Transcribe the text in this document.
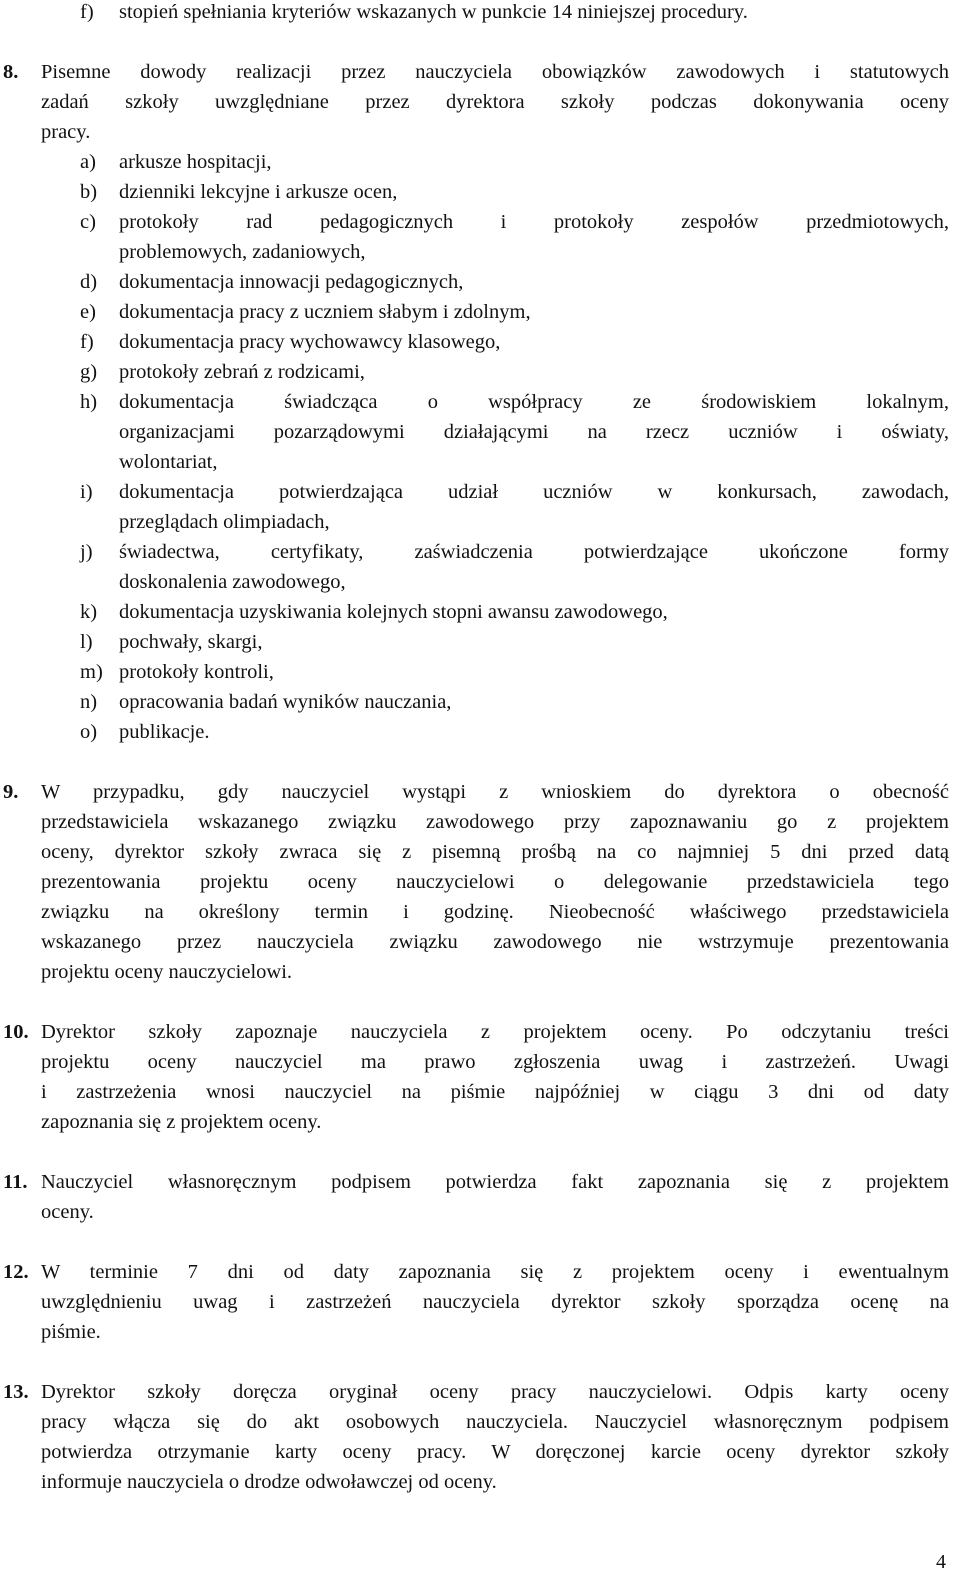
f) stopień spełniania kryteriów wskazanych w punkcie 14 niniejszej procedury.
8. Pisemne dowody realizacji przez nauczyciela obowiązków zawodowych i statutowych
zadań szkoły uwzględniane przez dyrektora szkoły podczas dokonywania oceny
pracy.
a) arkusze hospitacji,
b) dzienniki lekcyjne i arkusze ocen,
c) protokoły rad pedagogicznych i protokoły zespołów przedmiotowych,
problemowych, zadaniowych,
d) dokumentacja innowacji pedagogicznych,
e) dokumentacja pracy z uczniem słabym i zdolnym,
f) dokumentacja pracy wychowawcy klasowego,
g) protokoły zebrań z rodzicami,
h) dokumentacja świadcząca o współpracy ze środowiskiem lokalnym,
organizacjami pozarządowymi działającymi na rzecz uczniów i oświaty,
wolontariat,
i) dokumentacja potwierdzająca udział uczniów w konkursach, zawodach,
przeglądach olimpiadach,
j) świadectwa, certyfikaty, zaświadczenia potwierdzające ukończone formy
doskonalenia zawodowego,
k) dokumentacja uzyskiwania kolejnych stopni awansu zawodowego,
l) pochwały, skargi,
m) protokoły kontroli,
n) opracowania badań wyników nauczania,
o) publikacje.
9. W przypadku, gdy nauczyciel wystąpi z wnioskiem do dyrektora o obecność
przedstawiciela wskazanego związku zawodowego przy zapoznawaniu go z projektem
oceny, dyrektor szkoły zwraca się z pisemną prośbą na co najmniej 5 dni przed datą
prezentowania projektu oceny nauczycielowi o delegowanie przedstawiciela tego
związku na określony termin i godzinę. Nieobecność właściwego przedstawiciela
wskazanego przez nauczyciela związku zawodowego nie wstrzymuje prezentowania
projektu oceny nauczycielowi.
10. Dyrektor szkoły zapoznaje nauczyciela z projektem oceny. Po odczytaniu treści
projektu oceny nauczyciel ma prawo zgłoszenia uwag i zastrzeżeń. Uwagi
i zastrzeżenia wnosi nauczyciel na piśmie najpóźniej w ciągu 3 dni od daty
zapoznania się z projektem oceny.
11. Nauczyciel własnoręcznym podpisem potwierdza fakt zapoznania się z projektem
oceny.
12. W terminie 7 dni od daty zapoznania się z projektem oceny i ewentualnym
uwzględnieniu uwag i zastrzeżeń nauczyciela dyrektor szkoły sporządza ocenę na
piśmie.
13. Dyrektor szkoły doręcza oryginał oceny pracy nauczycielowi. Odpis karty oceny
pracy włącza się do akt osobowych nauczyciela. Nauczyciel własnoręcznym podpisem
potwierdza otrzymanie karty oceny pracy. W doręczonej karcie oceny dyrektor szkoły
informuje nauczyciela o drodze odwoławczej od oceny.
4
